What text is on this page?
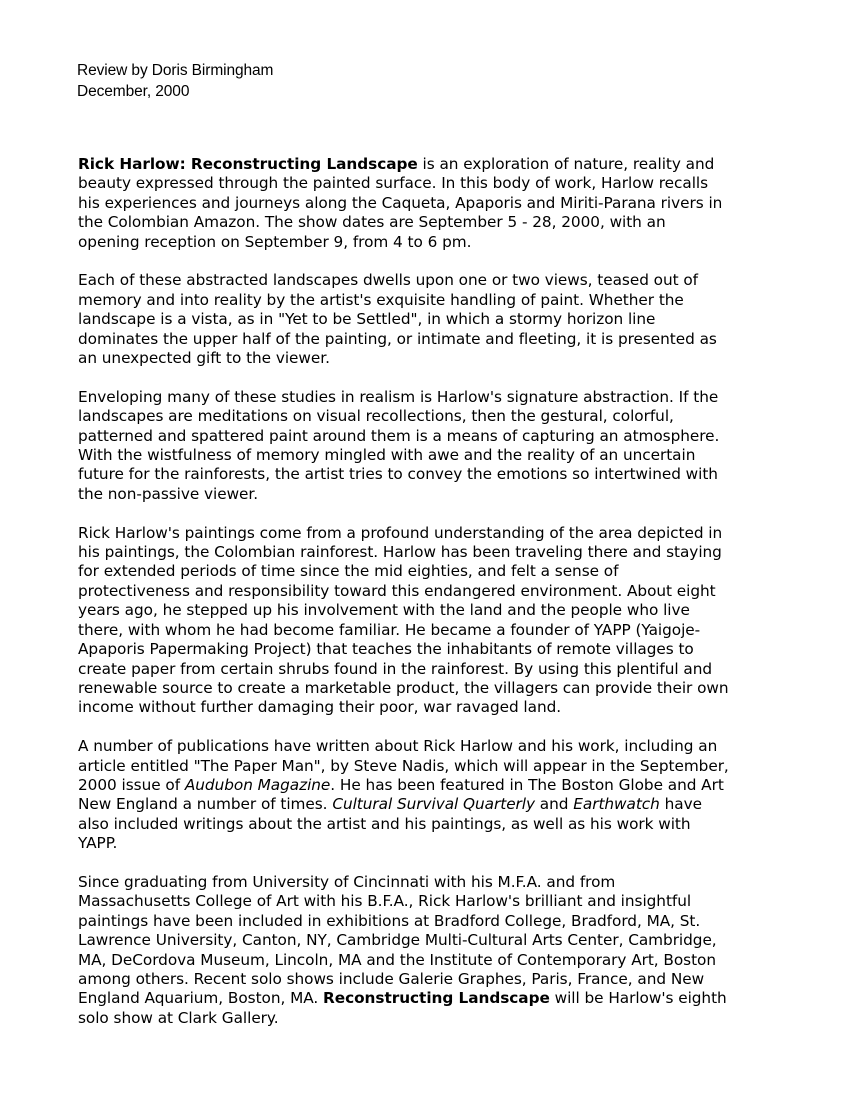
Review by Doris Birmingham
December, 2000
Rick Harlow: Reconstructing Landscape is an exploration of nature, reality and
beauty expressed through the painted surface. In this body of work, Harlow recalls
his experiences and journeys along the Caqueta, Apaporis and Miriti-Parana rivers in
the Colombian Amazon. The show dates are September 5 - 28, 2000, with an
opening reception on September 9, from 4 to 6 pm.
Each of these abstracted landscapes dwells upon one or two views, teased out of
memory and into reality by the artist's exquisite handling of paint. Whether the
landscape is a vista, as in "Yet to be Settled", in which a stormy horizon line
dominates the upper half of the painting, or intimate and fleeting, it is presented as
an unexpected gift to the viewer.
Enveloping many of these studies in realism is Harlow's signature abstraction. If the
landscapes are meditations on visual recollections, then the gestural, colorful,
patterned and spattered paint around them is a means of capturing an atmosphere.
With the wistfulness of memory mingled with awe and the reality of an uncertain
future for the rainforests, the artist tries to convey the emotions so intertwined with
the non-passive viewer.
Rick Harlow's paintings come from a profound understanding of the area depicted in
his paintings, the Colombian rainforest. Harlow has been traveling there and staying
for extended periods of time since the mid eighties, and felt a sense of
protectiveness and responsibility toward this endangered environment. About eight
years ago, he stepped up his involvement with the land and the people who live
there, with whom he had become familiar. He became a founder of YAPP (Yaigoje-
Apaporis Papermaking Project) that teaches the inhabitants of remote villages to
create paper from certain shrubs found in the rainforest. By using this plentiful and
renewable source to create a marketable product, the villagers can provide their own
income without further damaging their poor, war ravaged land.
A number of publications have written about Rick Harlow and his work, including an
article entitled "The Paper Man", by Steve Nadis, which will appear in the September,
2000 issue of Audubon Magazine. He has been featured in The Boston Globe and Art
New England a number of times. Cultural Survival Quarterly and Earthwatch have
also included writings about the artist and his paintings, as well as his work with
YAPP.
Since graduating from University of Cincinnati with his M.F.A. and from
Massachusetts College of Art with his B.F.A., Rick Harlow's brilliant and insightful
paintings have been included in exhibitions at Bradford College, Bradford, MA, St.
Lawrence University, Canton, NY, Cambridge Multi-Cultural Arts Center, Cambridge,
MA, DeCordova Museum, Lincoln, MA and the Institute of Contemporary Art, Boston
among others. Recent solo shows include Galerie Graphes, Paris, France, and New
England Aquarium, Boston, MA. Reconstructing Landscape will be Harlow's eighth
solo show at Clark Gallery.
